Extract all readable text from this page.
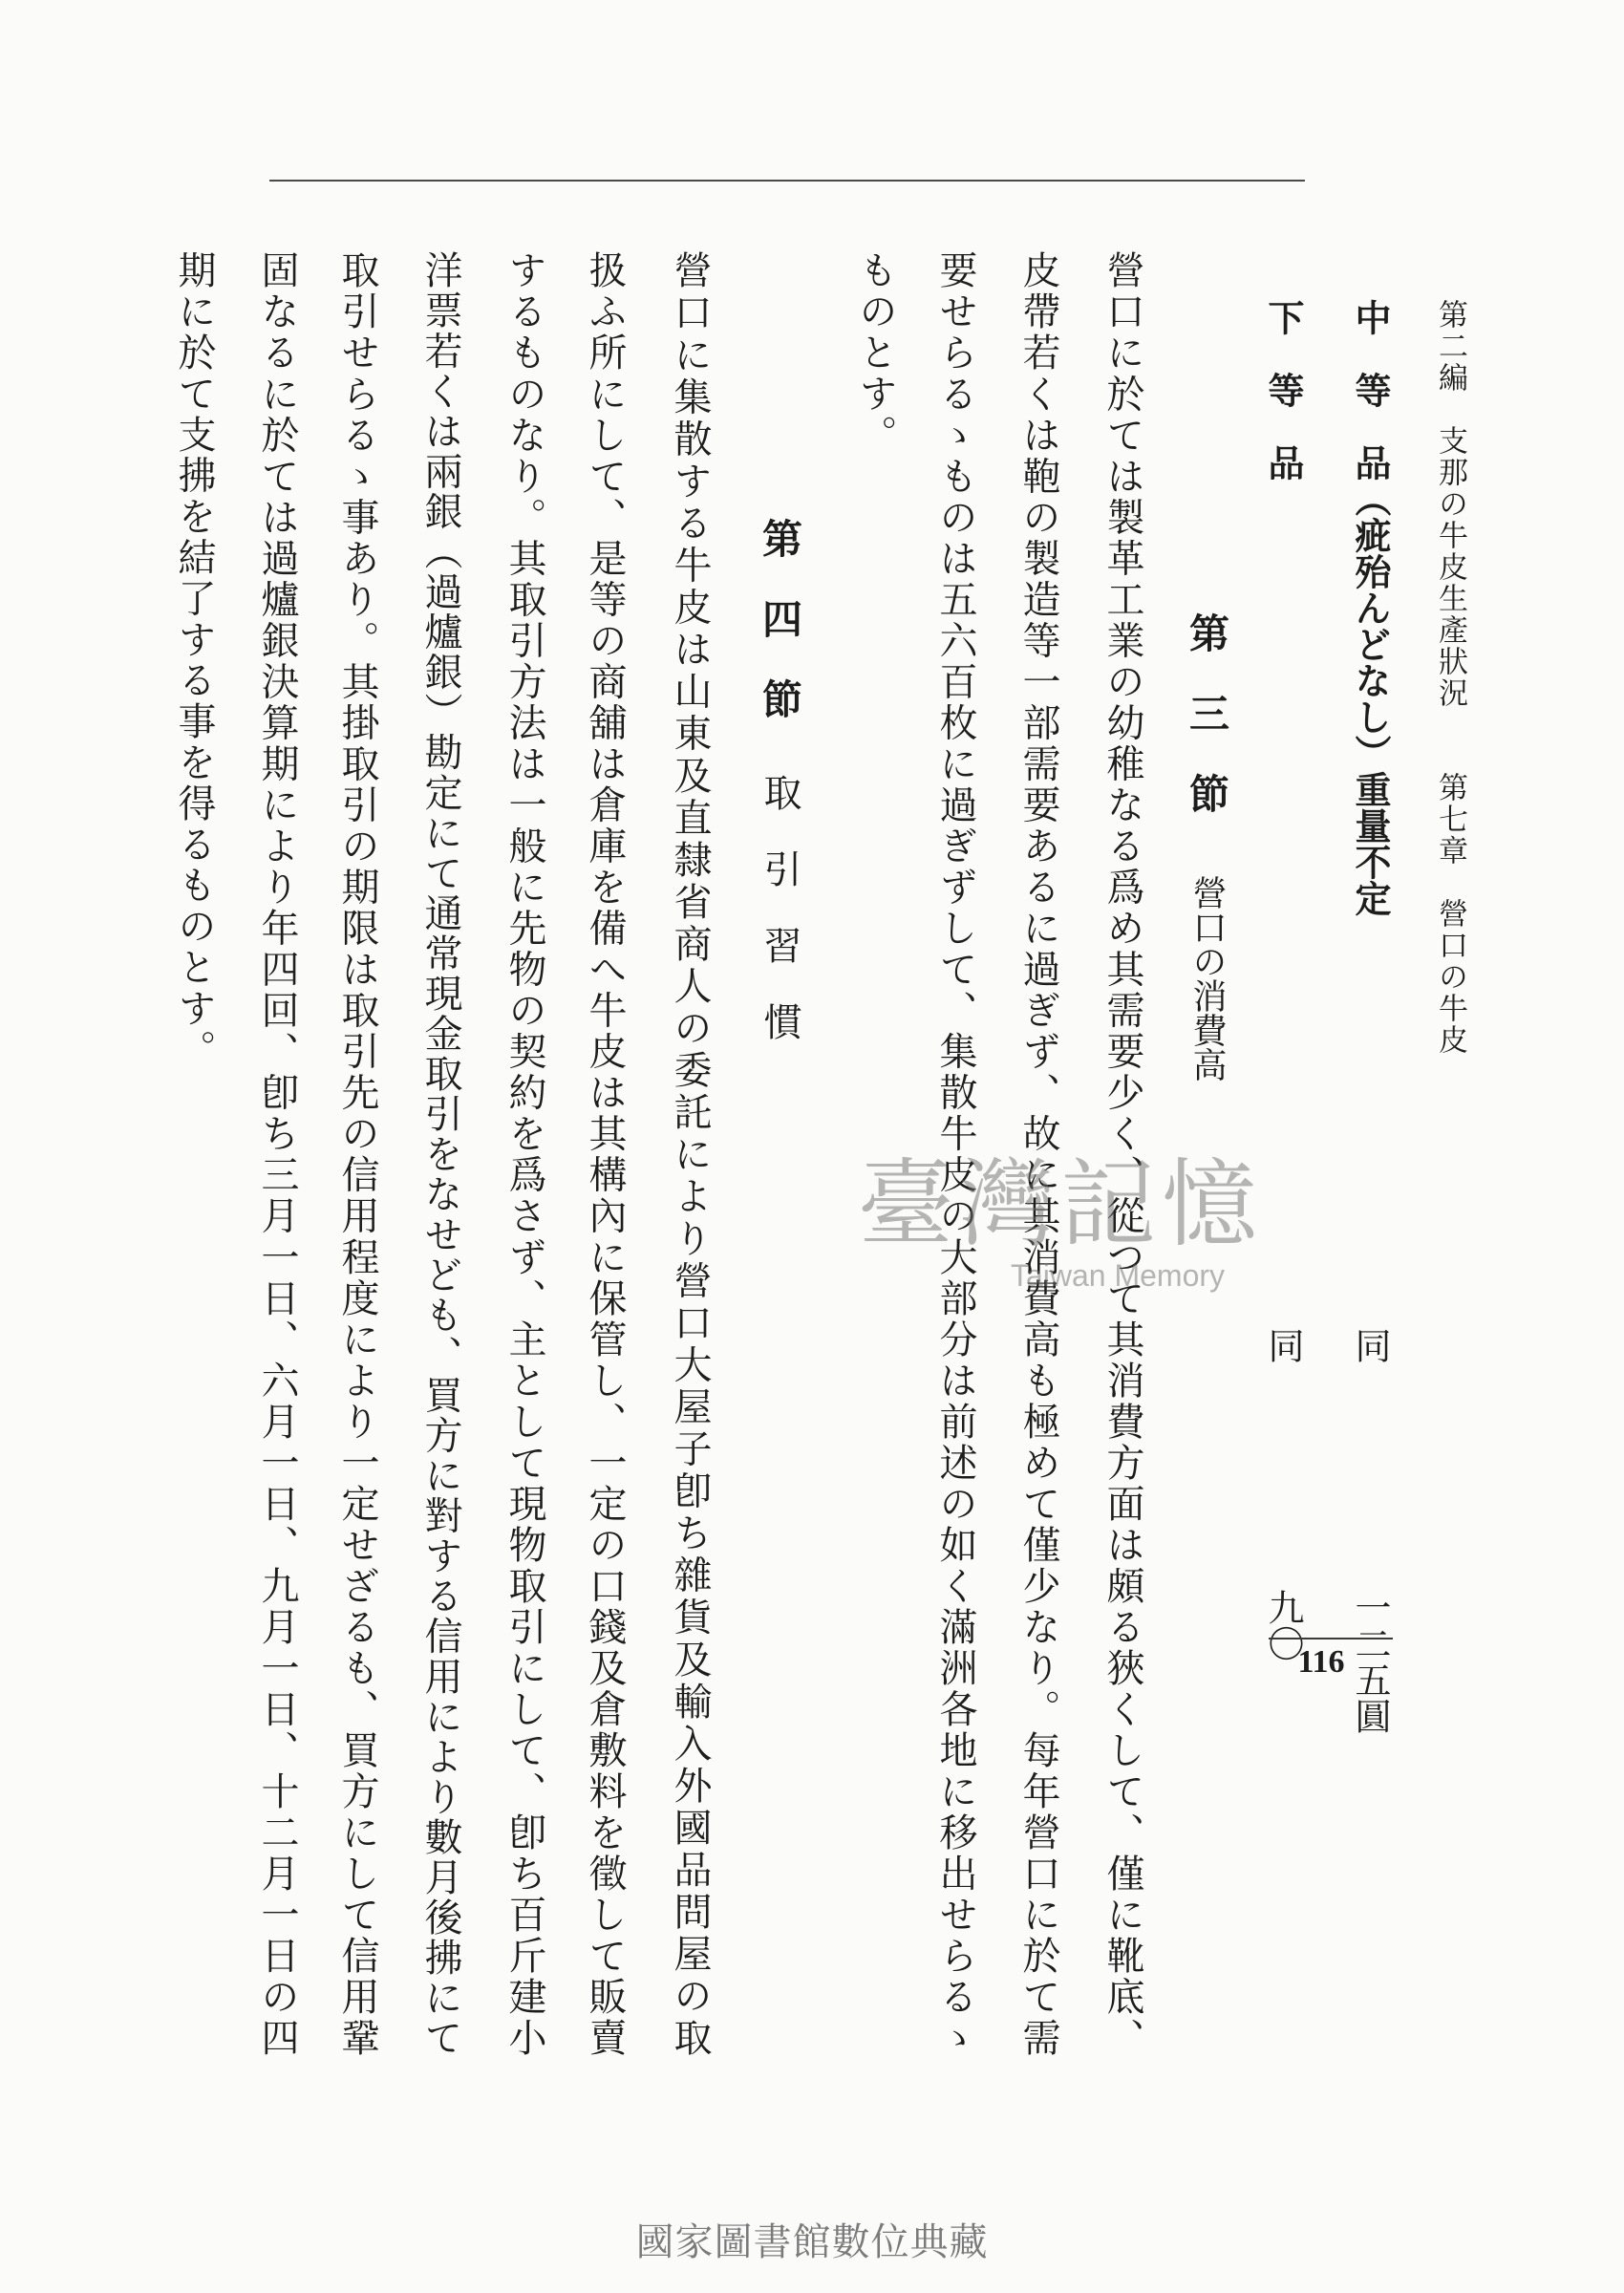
第二編　支那の牛皮生產狀況　　第七章　營口の牛皮
中　等　品（疵殆んどなし）重量不定
同
一二五圓
下　等　品
同
九〇
第　三　節
營口の消費高
營口に於ては製革工業の幼稚なる爲め其需要少く、從つて其消費方面は頗る狹くして、僅に靴底、
皮帶若くは鞄の製造等一部需要あるに過ぎず、故に其消費高も極めて僅少なり。每年營口に於て需
要せらるゝものは五六百枚に過ぎずして、集散牛皮の大部分は前述の如く滿洲各地に移出せらるゝ
ものとす。
第　四　節
取　引　習　慣
營口に集散する牛皮は山東及直隸省商人の委託により營口大屋子卽ち雜貨及輸入外國品問屋の取
扱ふ所にして、是等の商舖は倉庫を備へ牛皮は其構內に保管し、一定の口錢及倉敷料を徵して販賣
するものなり。其取引方法は一般に先物の契約を爲さず、主として現物取引にして、卽ち百斤建小
洋票若くは兩銀（過爐銀）勘定にて通常現金取引をなせども、買方に對する信用により數月後拂にて
取引せらるゝ事あり。其掛取引の期限は取引先の信用程度により一定せざるも、買方にして信用鞏
固なるに於ては過爐銀決算期により年四回、卽ち三月一日、六月一日、九月一日、十二月一日の四
期に於て支拂を結了する事を得るものとす。
116
臺灣記憶
Taiwan Memory
國家圖書館數位典藏
